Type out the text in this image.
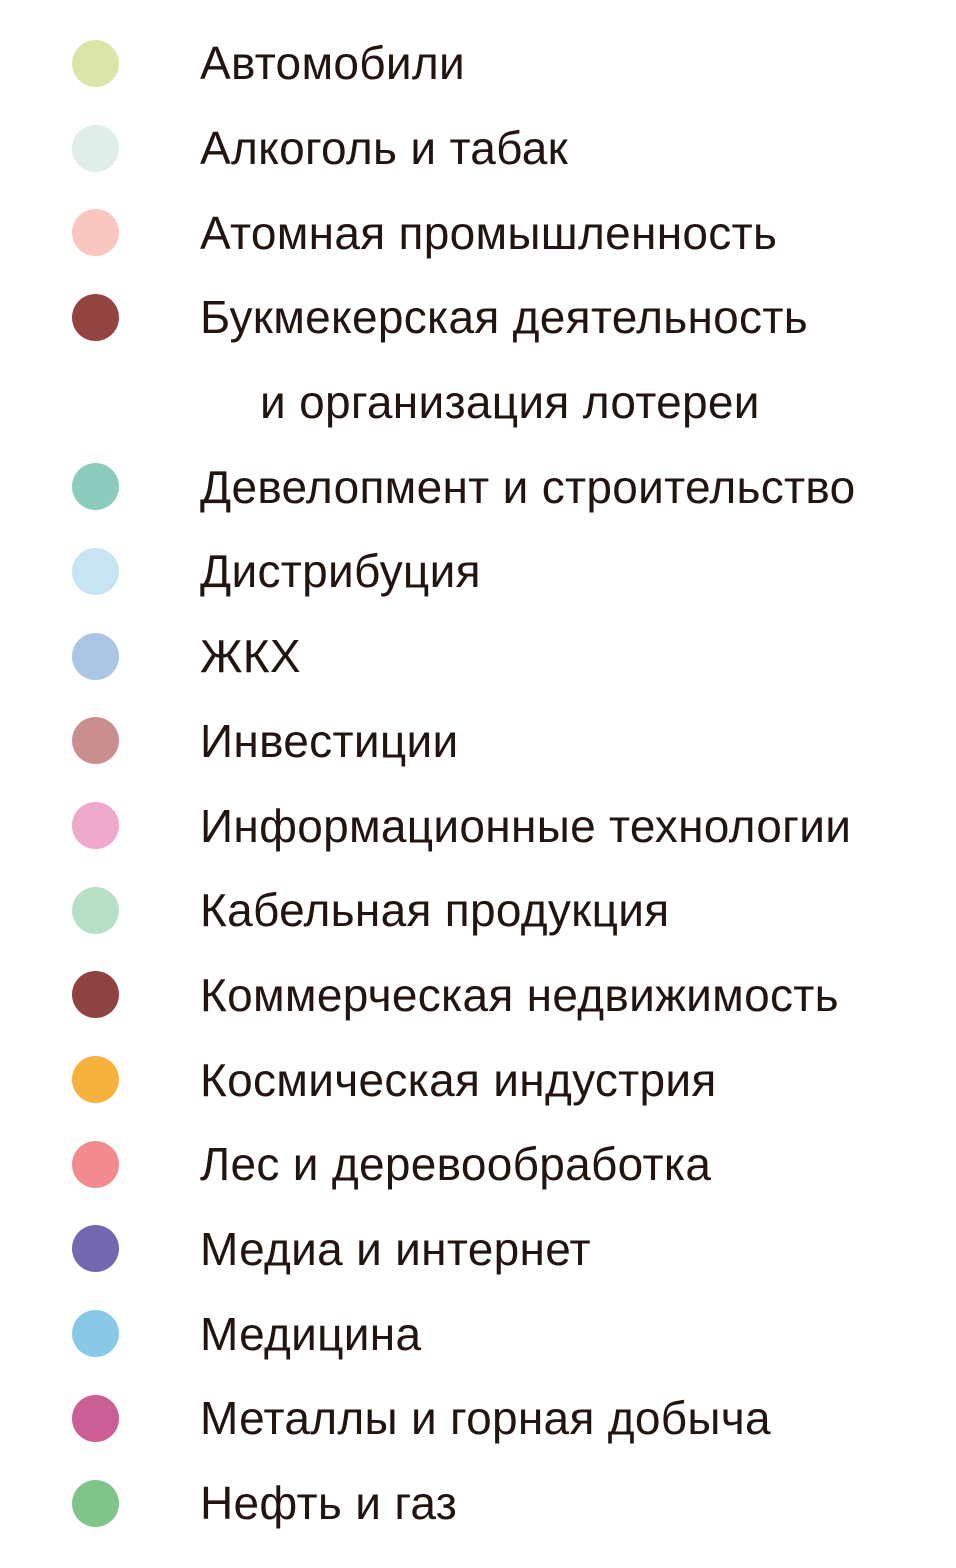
Автомобили
Алкоголь и табак
Атомная промышленность
Букмекерская деятельность
и организация лотереи
Девелопмент и строительство
Дистрибуция
ЖКХ
Инвестиции
Информационные технологии
Кабельная продукция
Коммерческая недвижимость
Космическая индустрия
Лес и деревообработка
Медиа и интернет
Медицина
Металлы и горная добыча
Нефть и газ
